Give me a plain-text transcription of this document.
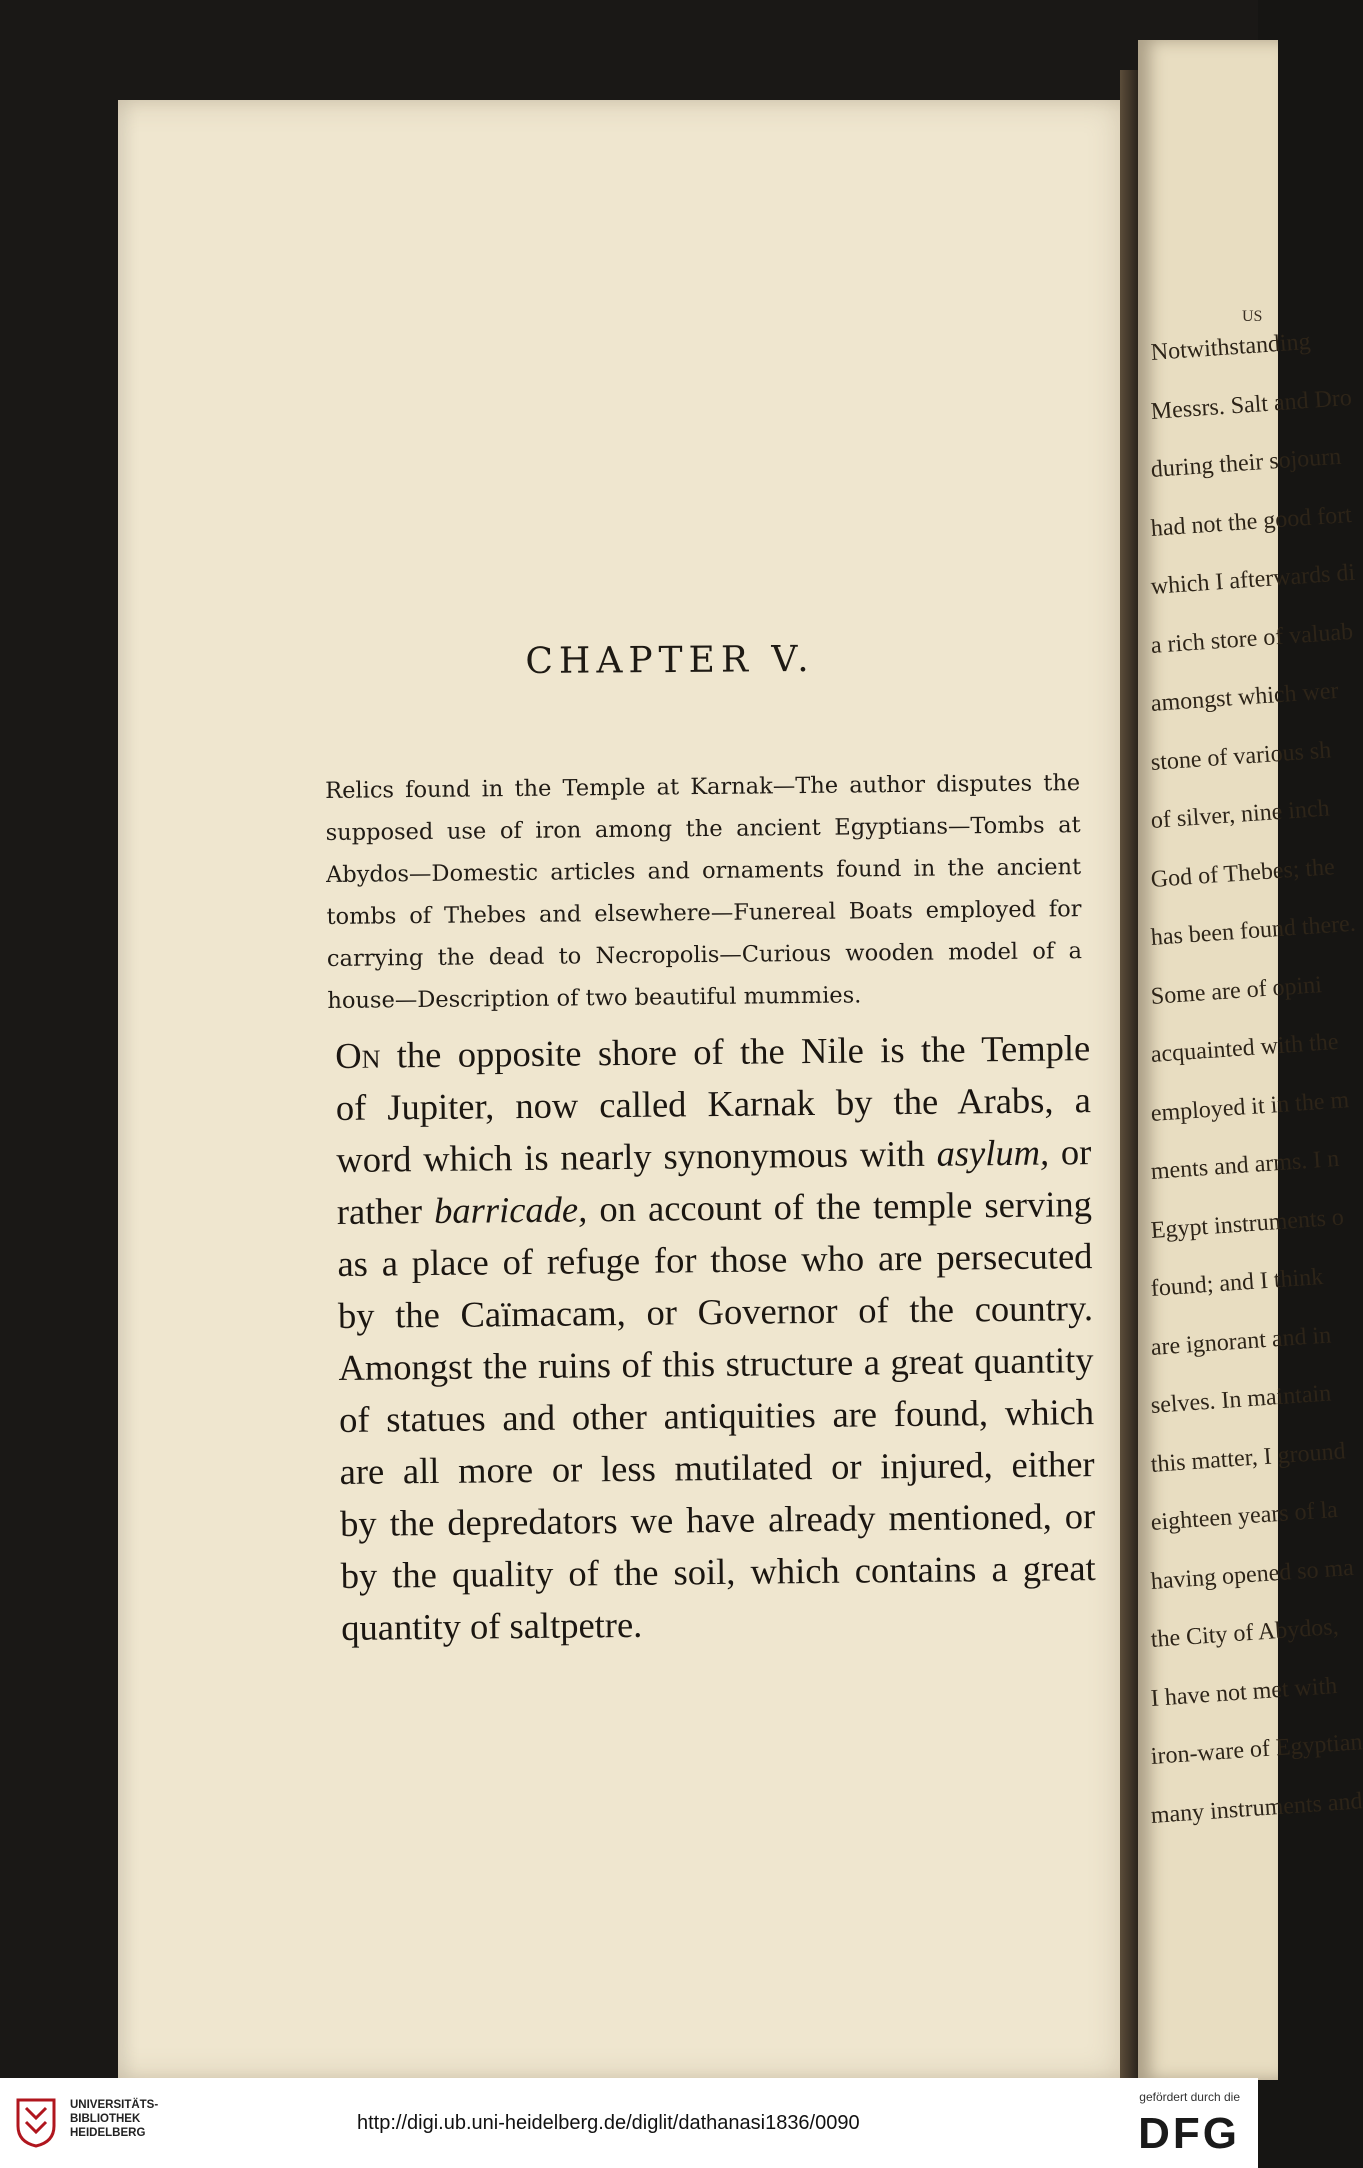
US
Notwithstanding
Messrs. Salt and Dro
during their sojourn
had not the good fort
which I afterwards di
a rich store of valuab
amongst which wer
stone of various sh
of silver, nine inch
God of Thebes; the
has been found there.
Some are of opini
acquainted with the
employed it in the m
ments and arms. I n
Egypt instruments o
found; and I think
are ignorant and in
selves. In maintain
this matter, I ground
eighteen years of la
having opened so ma
the City of Abydos,
I have not met with
iron-ware of Egyptian
many instruments and
CHAPTER V.
Relics found in the Temple at Karnak—The author disputes the supposed use of iron among the ancient Egyptians—Tombs at Abydos—Domestic articles and ornaments found in the ancient tombs of Thebes and elsewhere—Funereal Boats employed for carrying the dead to Necropolis—Curious wooden model of a house—Description of two beautiful mummies.
On the opposite shore of the Nile is the Temple
of Jupiter, now called Karnak by the Arabs, a
word which is nearly synonymous with asylum, or
rather barricade, on account of the temple serving
as a place of refuge for those who are persecuted
by the Caïmacam, or Governor of the country.
Amongst the ruins of this structure a great quantity
of statues and other antiquities are found, which
are all more or less mutilated or injured, either
by the depredators we have already mentioned, or
by the quality of the soil, which contains a great
quantity of saltpetre.
UNIVERSITÄTS-
BIBLIOTHEK
HEIDELBERG	http://digi.ub.uni-heidelberg.de/diglit/dathanasi1836/0090
gefördert durch die
DFG
